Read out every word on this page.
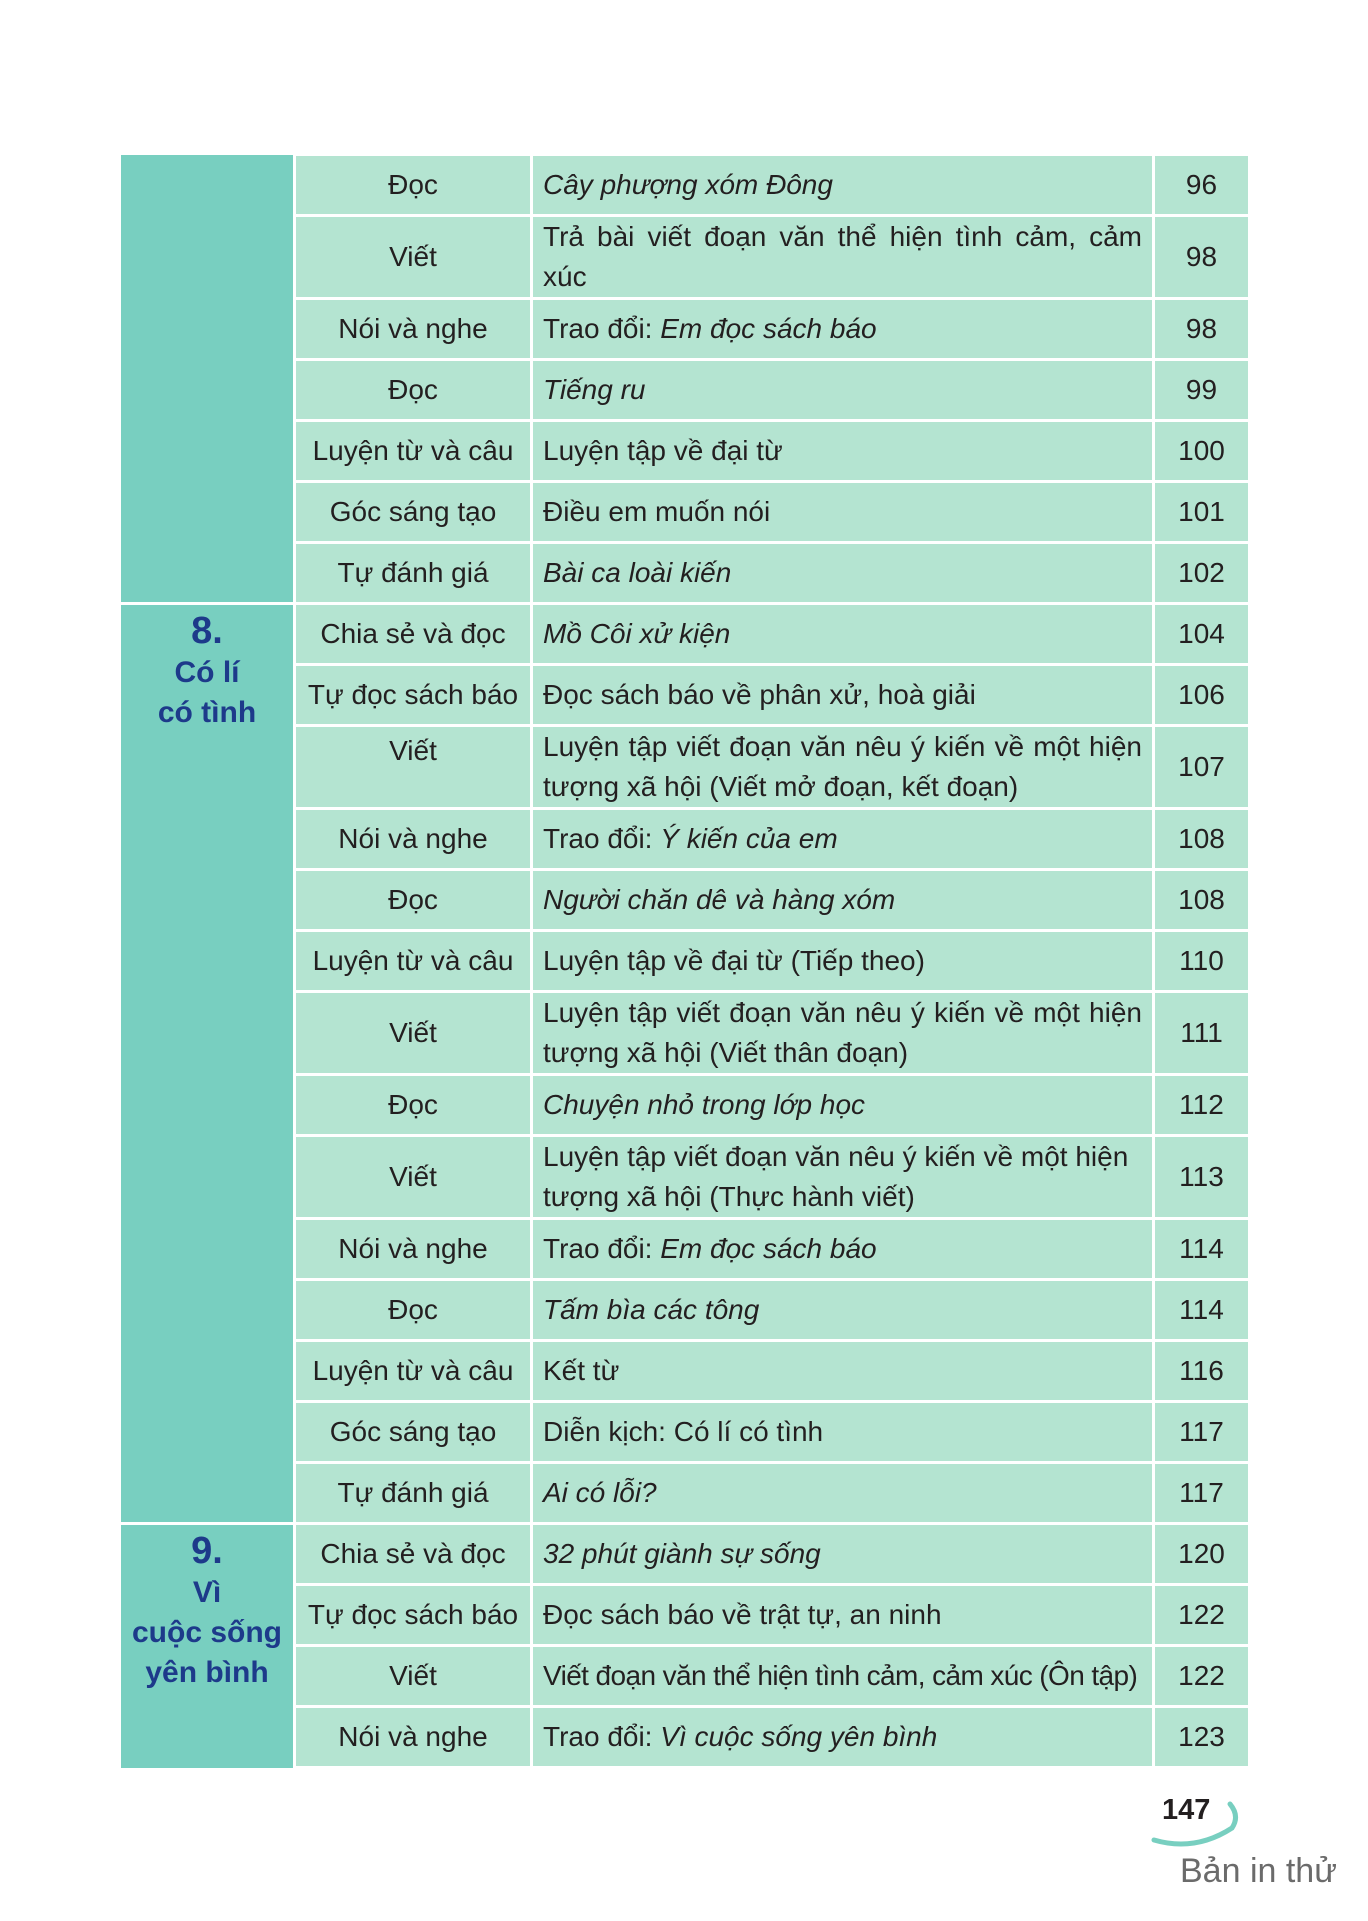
	Đọc	Cây phượng xóm Đông	96
	Viết	Trả bài viết đoạn văn thể hiện tình cảm, cảm xúc	98
	Nói và nghe	Trao đổi: Em đọc sách báo	98
	Đọc	Tiếng ru	99
	Luyện từ và câu	Luyện tập về đại từ	100
	Góc sáng tạo	Điều em muốn nói	101
	Tự đánh giá	Bài ca loài kiến	102

8.
Có lí
có tình	Chia sẻ và đọc	Mồ Côi xử kiện	104
	Tự đọc sách báo	Đọc sách báo về phân xử, hoà giải	106
	Viết	Luyện tập viết đoạn văn nêu ý kiến về một hiện tượng xã hội (Viết mở đoạn, kết đoạn)	107
	Nói và nghe	Trao đổi: Ý kiến của em	108
	Đọc	Người chăn dê và hàng xóm	108
	Luyện từ và câu	Luyện tập về đại từ (Tiếp theo)	110
	Viết	Luyện tập viết đoạn văn nêu ý kiến về một hiện tượng xã hội (Viết thân đoạn)	111
	Đọc	Chuyện nhỏ trong lớp học	112
	Viết	Luyện tập viết đoạn văn nêu ý kiến về một hiện tượng xã hội (Thực hành viết)	113
	Nói và nghe	Trao đổi: Em đọc sách báo	114
	Đọc	Tấm bìa các tông	114
	Luyện từ và câu	Kết từ	116
	Góc sáng tạo	Diễn kịch: Có lí có tình	117
	Tự đánh giá	Ai có lỗi?	117

9.
Vì
cuộc sống
yên bình	Chia sẻ và đọc	32 phút giành sự sống	120
	Tự đọc sách báo	Đọc sách báo về trật tự, an ninh	122
	Viết	Viết đoạn văn thể hiện tình cảm, cảm xúc (Ôn tập)	122
	Nói và nghe	Trao đổi: Vì cuộc sống yên bình	123
147
Bản in thử
